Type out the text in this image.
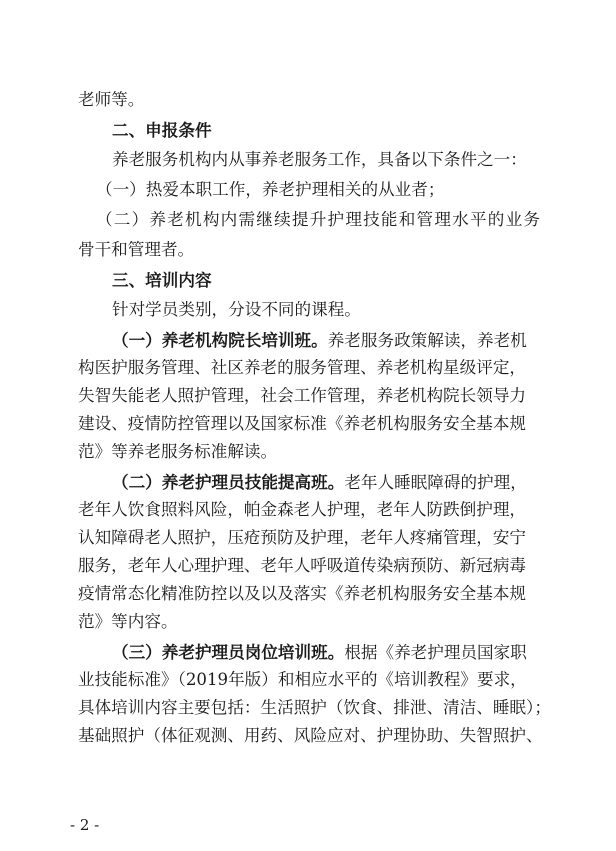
老师等。
二、申报条件
养老服务机构内从事养老服务工作，具备以下条件之一：
（一）热爱本职工作，养老护理相关的从业者；
（二）养老机构内需继续提升护理技能和管理水平的业务
骨干和管理者。
三、培训内容
针对学员类别，分设不同的课程。
（一）养老机构院长培训班。养老服务政策解读，养老机
构医护服务管理、社区养老的服务管理、养老机构星级评定，
失智失能老人照护管理，社会工作管理，养老机构院长领导力
建设、疫情防控管理以及国家标准《养老机构服务安全基本规
范》等养老服务标准解读。
（二）养老护理员技能提高班。老年人睡眠障碍的护理，
老年人饮食照料风险，帕金森老人护理，老年人防跌倒护理，
认知障碍老人照护，压疮预防及护理，老年人疼痛管理，安宁
服务，老年人心理护理、老年人呼吸道传染病预防、新冠病毒
疫情常态化精准防控以及以及落实《养老机构服务安全基本规
范》等内容。
（三）养老护理员岗位培训班。根据《养老护理员国家职
业技能标准》（2019年版）和相应水平的《培训教程》要求，
具体培训内容主要包括：生活照护（饮食、排泄、清洁、睡眠）；
基础照护（体征观测、用药、风险应对、护理协助、失智照护、
- 2 -
